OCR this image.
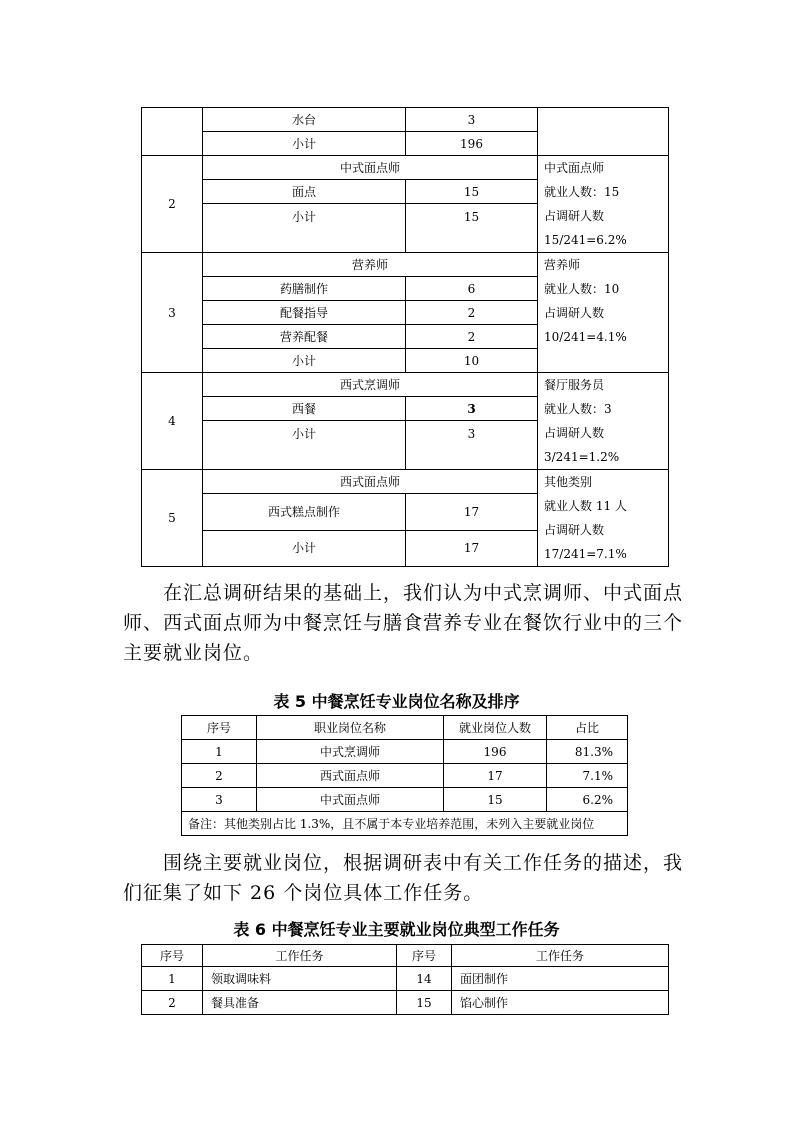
	水台	3	
	小计	196	
2	中式面点师		中式面点师
就业人数：15
占调研人数
15/241=6.2%

	面点	15	
	小计	15	
3	营养师		营养师
就业人数：10
占调研人数
10/241=4.1%

	药膳制作	6	
	配餐指导	2	
	营养配餐	2	
	小计	10	
4	西式烹调师		餐厅服务员
就业人数：3
占调研人数
3/241=1.2%

	西餐	3	
	小计	3	
5	西式面点师		其他类别
就业人数 11 人
占调研人数
17/241=7.1%

	西式糕点制作	17	
	小计	17	

在汇总调研结果的基础上，我们认为中式烹调师、中式面点师、西式面点师为中餐烹饪与膳食营养专业在餐饮行业中的三个主要就业岗位。

表 5 中餐烹饪专业岗位名称及排序

序号	职业岗位名称	就业岗位人数	占比
1	中式烹调师	196	81.3%
2	西式面点师	17	7.1%
3	中式面点师	15	6.2%
备注：其他类别占比 1.3%，且不属于本专业培养范围，未列入主要就业岗位			

围绕主要就业岗位，根据调研表中有关工作任务的描述，我们征集了如下 26 个岗位具体工作任务。

表 6 中餐烹饪专业主要就业岗位典型工作任务

序号	工作任务	序号	工作任务
1	领取调味料	14	面团制作
2	餐具准备	15	馅心制作
